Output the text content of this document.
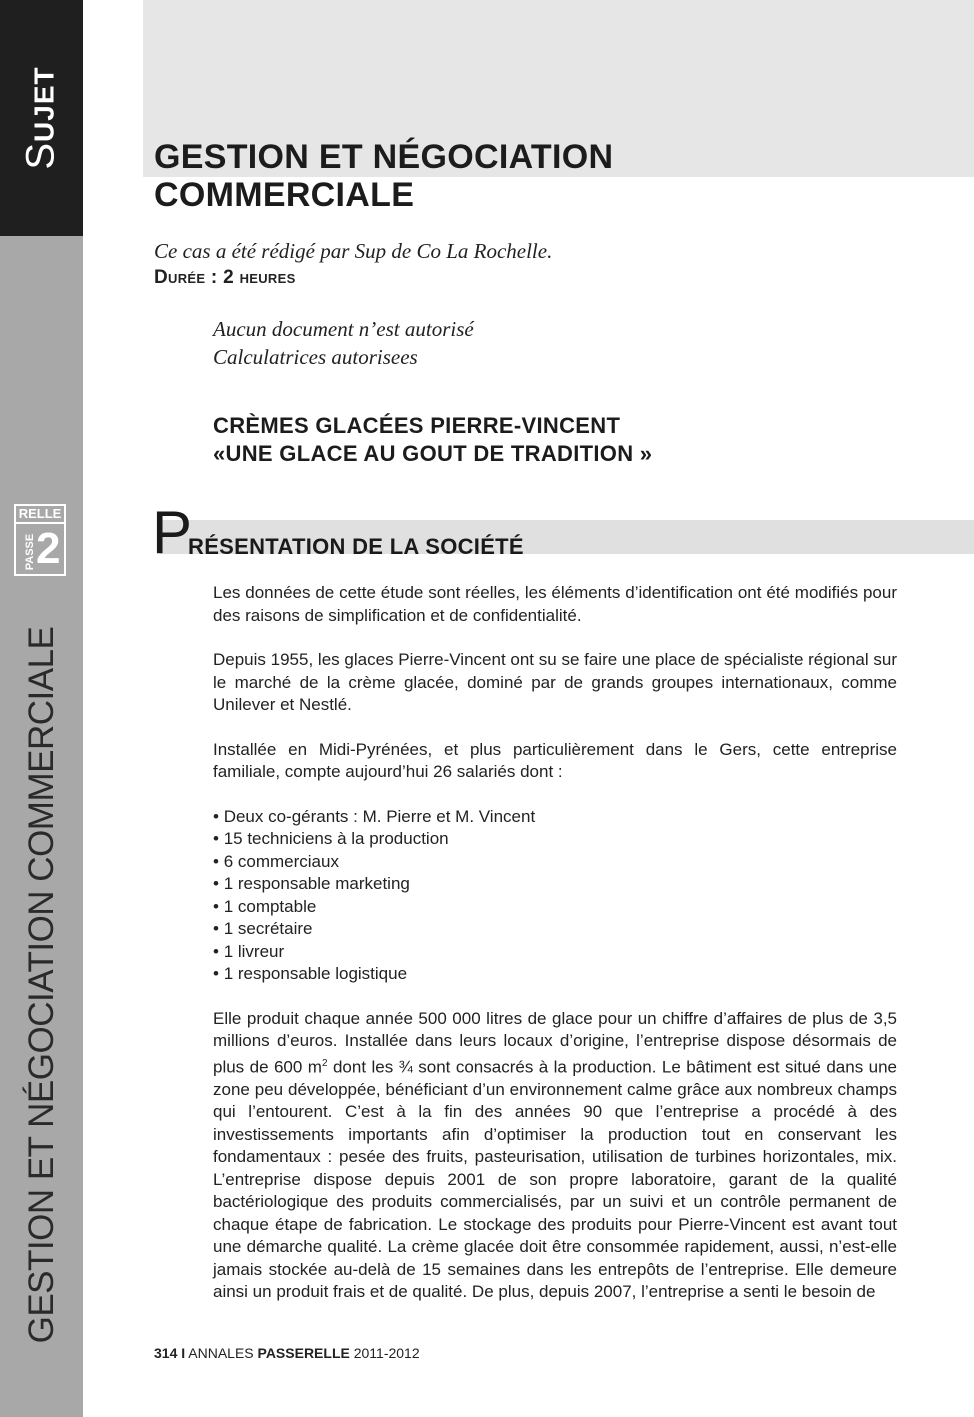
SUJET
RELLE
PASSE 2
GESTION ET NÉGOCIATION COMMERCIALE
GESTION ET NÉGOCIATION
COMMERCIALE
Ce cas a été rédigé par Sup de Co La Rochelle.
Durée : 2 heures
Aucun document n’est autorisé
Calculatrices autorisees
CRÈMES GLACÉES PIERRE-VINCENT
«UNE GLACE AU GOUT DE TRADITION »
P
RÉSENTATION DE LA SOCIÉTÉ

Les données de cette étude sont réelles, les éléments d’identification ont été modifiés pour des raisons de simplification et de confidentialité.

Depuis 1955, les glaces Pierre-Vincent ont su se faire une place de spécialiste régional sur le marché de la crème glacée, dominé par de grands groupes internationaux, comme Unilever et Nestlé.

Installée en Midi-Pyrénées, et plus particulièrement dans le Gers, cette entreprise familiale, compte aujourd’hui 26 salariés dont :

• Deux co-gérants : M. Pierre et M. Vincent
• 15 techniciens à la production
• 6 commerciaux
• 1 responsable marketing
• 1 comptable
• 1 secrétaire
• 1 livreur
• 1 responsable logistique

Elle produit chaque année 500 000 litres de glace pour un chiffre d’affaires de plus de 3,5 millions d’euros. Installée dans leurs locaux d’origine, l’entreprise dispose désormais de plus de 600 $m^2$ dont les ¾ sont consacrés à la production. Le bâtiment est situé dans une zone peu développée, bénéficiant d’un environnement calme grâce aux nombreux champs qui l’entourent. C’est à la fin des années 90 que l’entreprise a procédé à des investissements importants afin d’optimiser la production tout en conservant les fondamentaux : pesée des fruits, pasteurisation, utilisation de turbines horizontales, mix. L’entreprise dispose depuis 2001 de son propre laboratoire, garant de la qualité bactériologique des produits commercialisés, par un suivi et un contrôle permanent de chaque étape de fabrication. Le stockage des produits pour Pierre-Vincent est avant tout une démarche qualité. La crème glacée doit être consommée rapidement, aussi, n’est-elle jamais stockée au-delà de 15 semaines dans les entrepôts de l’entreprise. Elle demeure ainsi un produit frais et de qualité. De plus, depuis 2007, l’entreprise a senti le besoin de

314 I ANNALES PASSERELLE 2011-2012
